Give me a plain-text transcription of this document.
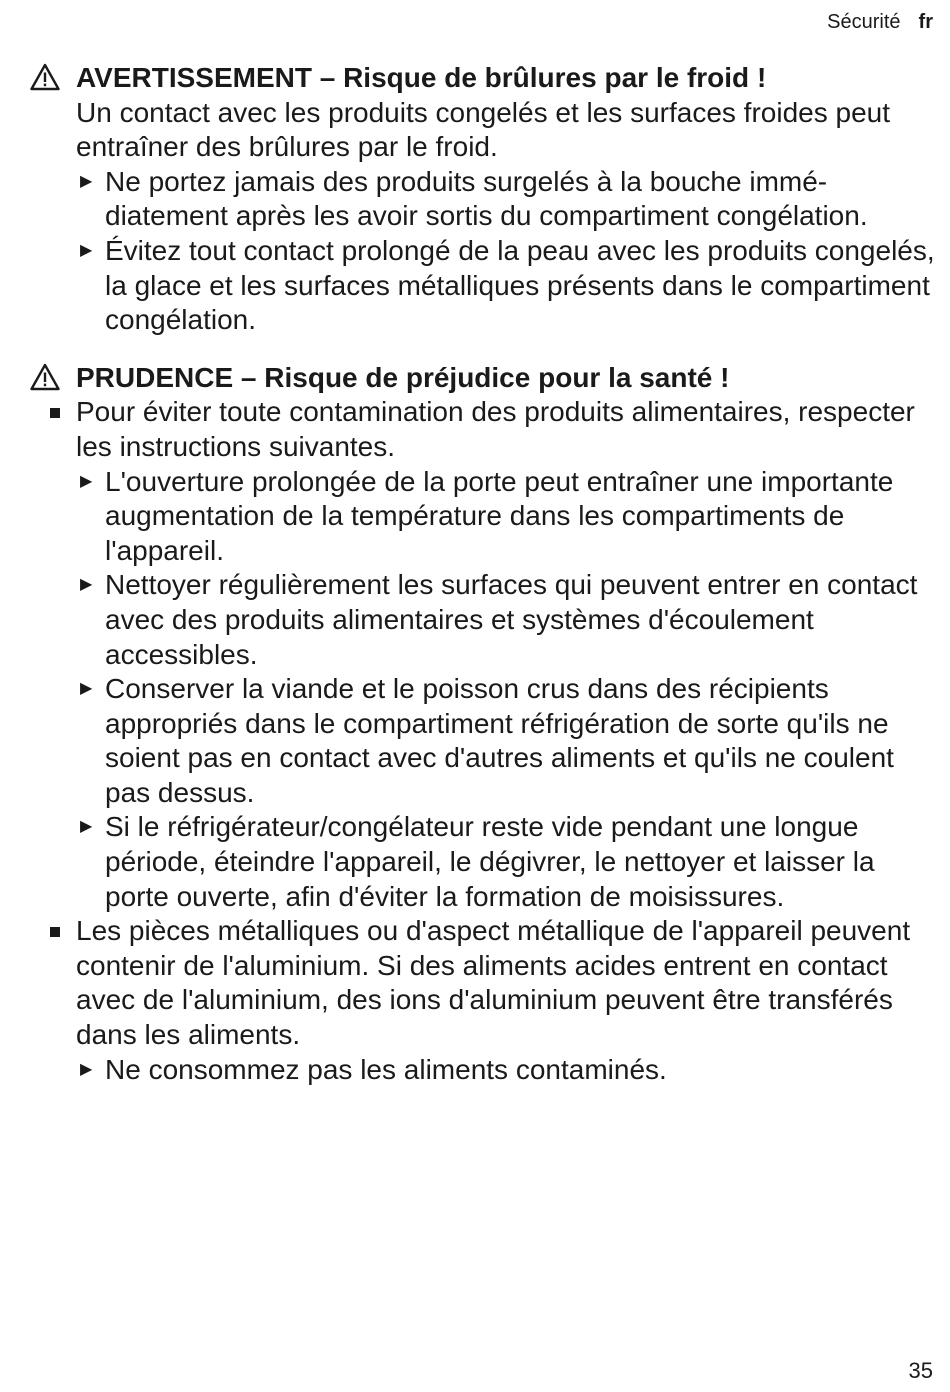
Sécurité fr
AVERTISSEMENT – Risque de brûlures par le froid !

Un contact avec les produits congelés et les surfaces froides peut entraîner des brûlures par le froid.

▶ Ne portez jamais des produits surgelés à la bouche immédiatement après les avoir sortis du compartiment congélation.
▶ Évitez tout contact prolongé de la peau avec les produits congelés, la glace et les surfaces métalliques présents dans le compartiment congélation.
PRUDENCE – Risque de préjudice pour la santé !

Pour éviter toute contamination des produits alimentaires, respecter les instructions suivantes.

▶ L'ouverture prolongée de la porte peut entraîner une importante augmentation de la température dans les compartiments de l'appareil.
▶ Nettoyer régulièrement les surfaces qui peuvent entrer en contact avec des produits alimentaires et systèmes d'écoulement accessibles.
▶ Conserver la viande et le poisson crus dans des récipients appropriés dans le compartiment réfrigération de sorte qu'ils ne soient pas en contact avec d'autres aliments et qu'ils ne coulent pas dessus.
▶ Si le réfrigérateur/congélateur reste vide pendant une longue période, éteindre l'appareil, le dégivrer, le nettoyer et laisser la porte ouverte, afin d'éviter la formation de moisissures.

Les pièces métalliques ou d'aspect métallique de l'appareil peuvent contenir de l'aluminium. Si des aliments acides entrent en contact avec de l'aluminium, des ions d'aluminium peuvent être transférés dans les aliments.

▶ Ne consommez pas les aliments contaminés.
35
